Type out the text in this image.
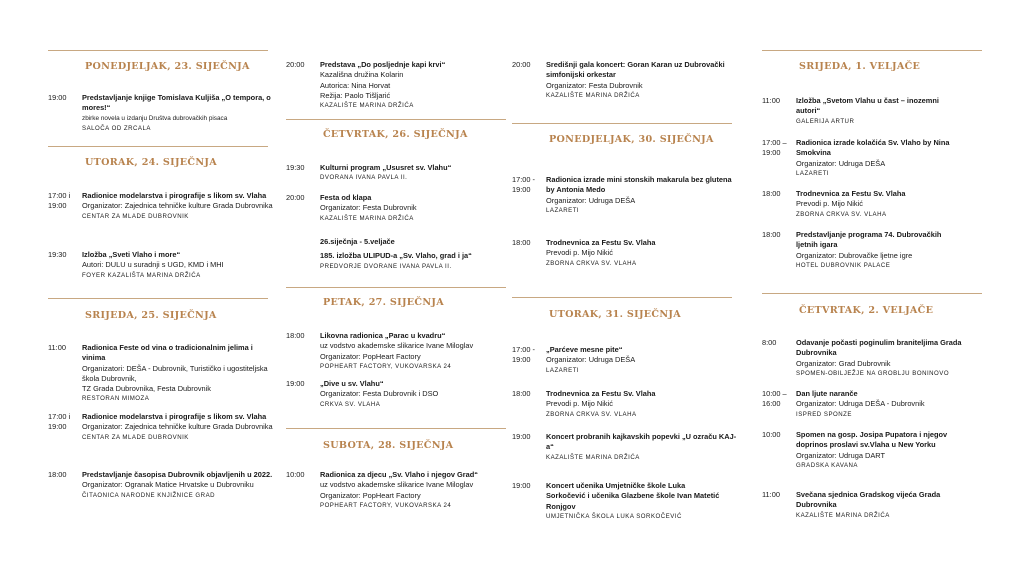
PONEDJELJAK, 23. SIJEČNJA
19:00	Predstavljanje knjige Tomislava Kuljiša „O tempora, o mores!“
zbirke novela u izdanju Društva dubrovačkih pisaca
SALOČA OD ZRCALA
UTORAK, 24. SIJEČNJA
17:00 i
19:00
Radionice modelarstva i pirografije s likom sv. Vlaha
Organizator: Zajednica tehničke kulture Grada Dubrovnika
CENTAR ZA MLADE DUBROVNIK
19:30	Izložba „Sveti Vlaho i more“
Autori: DULU u suradnji s UGD, KMD i MHI
FOYER KAZALIŠTA MARINA DRŽIĆA
SRIJEDA, 25. SIJEČNJA
11:00	Radionica Feste od vina o tradicionalnim jelima i vinima
Organizatori: DEŠA - Dubrovnik, Turističko i ugostiteljska škola Dubrovnik,
TZ Grada Dubrovnika, Festa Dubrovnik
RESTORAN MIMOZA
17:00 i
19:00
Radionice modelarstva i pirografije s likom sv. Vlaha
Organizator: Zajednica tehničke kulture Grada Dubrovnika
CENTAR ZA MLADE DUBROVNIK
18:00	Predstavljanje časopisa Dubrovnik objavljenih u 2022.
Organizator: Ogranak Matice Hrvatske u Dubrovniku
ČITAONICA NARODNE KNJIŽNICE GRAD
20:00	Predstava „Do posljednje kapi krvi“
Kazališna družina Kolarin
Autorica: Nina Horvat
Režija: Paolo Tišljarić
KAZALIŠTE MARINA DRŽIĆA
ČETVRTAK, 26. SIJEČNJA
19:30	Kulturni program „Ususret sv. Vlahu“
DVORANA IVANA PAVLA II.
20:00	Festa od klapa
Organizator: Festa Dubrovnik
KAZALIŠTE MARINA DRŽIĆA
26.siječnja - 5.veljače
185. izložba ULIPUD-a „Sv. Vlaho, grad i ja“
PREDVORJE DVORANE IVANA PAVLA II.
PETAK, 27. SIJEČNJA
18:00	Likovna radionica „Parac u kvadru“
uz vodstvo akademske slikarice Ivane Miloglav
Organizator: PopHeart Factory
POPHEART FACTORY, VUKOVARSKA 24
19:00	„Dive u sv. Vlahu“
Organizator: Festa Dubrovnik i DSO
CRKVA SV. VLAHA
SUBOTA, 28. SIJEČNJA
10:00	Radionica za djecu „Sv. Vlaho i njegov Grad“
uz vodstvo akademske slikarice Ivane Miloglav
Organizator: PopHeart Factory
POPHEART FACTORY, VUKOVARSKA 24
20:00	Središnji gala koncert: Goran Karan uz Dubrovački simfonijski orkestar
Organizator: Festa Dubrovnik
KAZALIŠTE MARINA DRŽIĆA
PONEDJELJAK, 30. SIJEČNJA
17:00 -
19:00
Radionica izrade mini stonskih makarula bez glutena by Antonia Medo
Organizator: Udruga DEŠA
LAZARETI
18:00	Trodnevnica za Festu Sv. Vlaha
Prevodi p. Mijo Nikić
ZBORNA CRKVA SV. VLAHA
UTORAK, 31. SIJEČNJA
17:00 -
19:00
„Parćeve mesne pite“
Organizator: Udruga DEŠA
LAZARETI
18:00	Trodnevnica za Festu Sv. Vlaha
Prevodi p. Mijo Nikić
ZBORNA CRKVA SV. VLAHA
19:00	Koncert probranih kajkavskih popevki „U ozraču KAJ-a“
KAZALIŠTE MARINA DRŽIĆA
19:00	Koncert učenika Umjetničke škole Luka Sorkočević i učenika Glazbene škole Ivan Matetić Ronjgov
UMJETNIČKA ŠKOLA LUKA SORKOČEVIĆ
SRIJEDA, 1. VELJAČE
11:00	Izložba „Svetom Vlahu u čast – inozemni autori“
GALERIJA ARTUR
17:00 –
19:00
Radionica izrade kolačića Sv. Vlaho by Nina Smokvina
Organizator: Udruga DEŠA
LAZARETI
18:00	Trodnevnica za Festu Sv. Vlaha
Prevodi p. Mijo Nikić
ZBORNA CRKVA SV. VLAHA
18:00	Predstavljanje programa 74. Dubrovačkih ljetnih igara
Organizator: Dubrovačke ljetne igre
HOTEL DUBROVNIK PALACE
ČETVRTAK, 2. VELJAČE
8:00	Odavanje počasti poginulim braniteljima Grada Dubrovnika
Organizator: Grad Dubrovnik
SPOMEN-OBILJEŽJE NA GROBLJU BONINOVO
10:00 –
16:00
Dan ljute naranče
Organizator: Udruga DEŠA - Dubrovnik
ISPRED SPONZE
10:00	Spomen na gosp. Josipa Pupatora i njegov doprinos proslavi sv.Vlaha u New Yorku
Organizator: Udruga DART
GRADSKA KAVANA
11:00	Svečana sjednica Gradskog vijeća Grada Dubrovnika
KAZALIŠTE MARINA DRŽIĆA
